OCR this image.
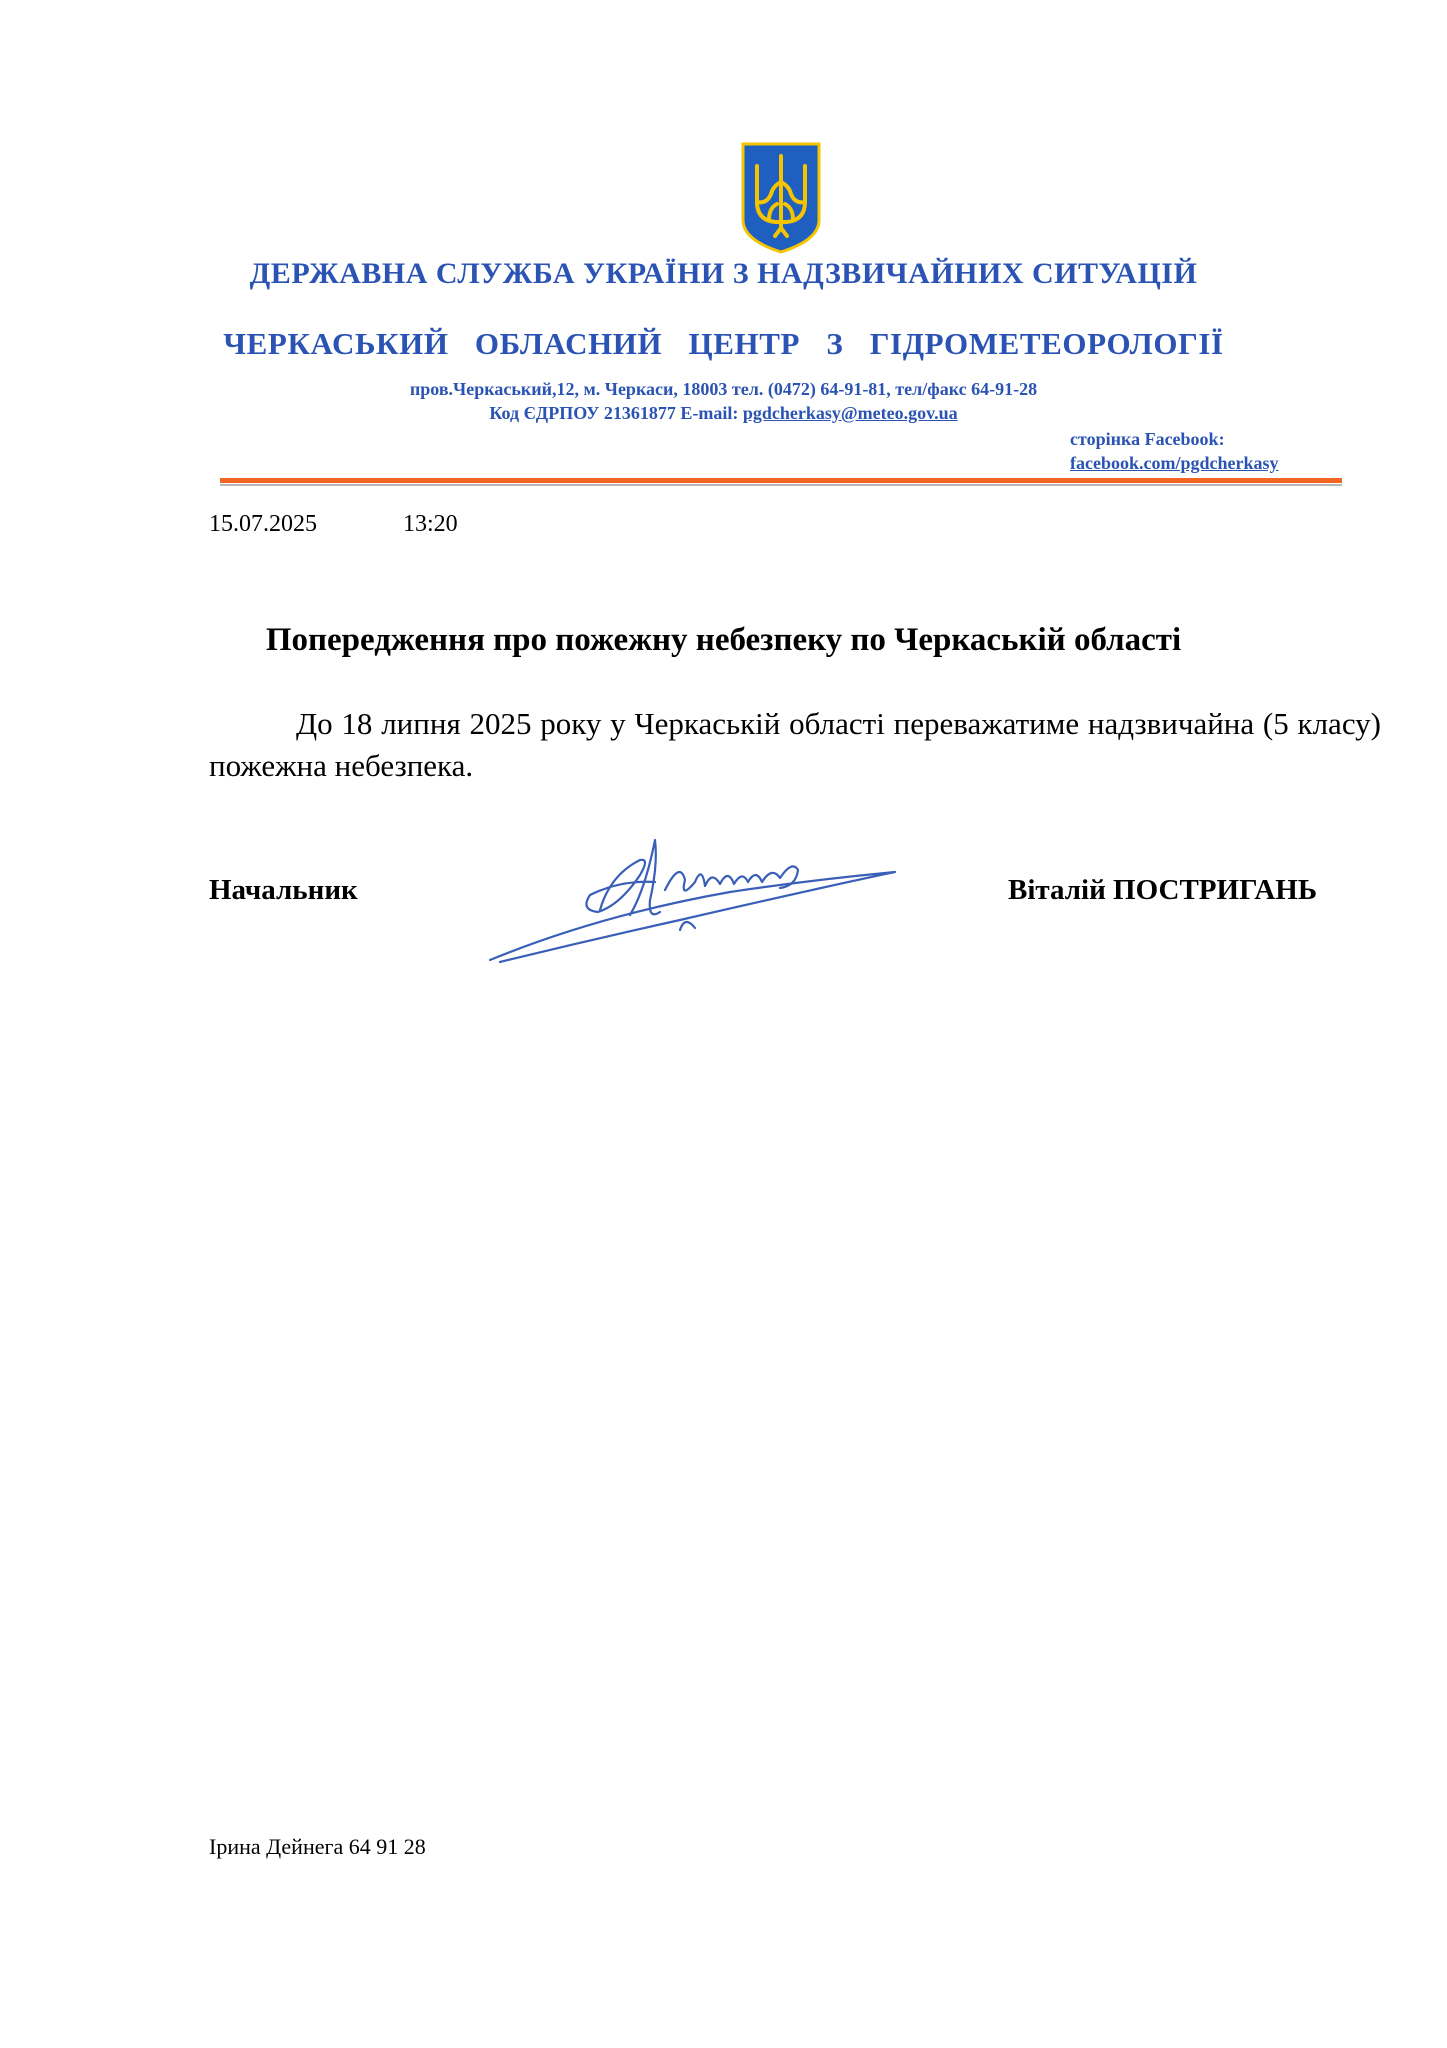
ДЕРЖАВНА СЛУЖБА УКРАЇНИ З НАДЗВИЧАЙНИХ СИТУАЦІЙ
ЧЕРКАСЬКИЙ ОБЛАСНИЙ ЦЕНТР З ГІДРОМЕТЕОРОЛОГІЇ
пров.Черкаський,12, м. Черкаси, 18003 тел. (0472) 64-91-81, тел/факс 64-91-28
Код ЄДРПОУ 21361877 E-mail: pgdcherkasy@meteo.gov.ua
сторінка Facebook:
facebook.com/pgdcherkasy
15.07.2025	13:20
Попередження про пожежну небезпеку по Черкаській області
До 18 липня 2025 року у Черкаській області переважатиме надзвичайна (5 класу) пожежна небезпека.
Начальник	Віталій ПОСТРИГАНЬ
Ірина Дейнега 64 91 28
